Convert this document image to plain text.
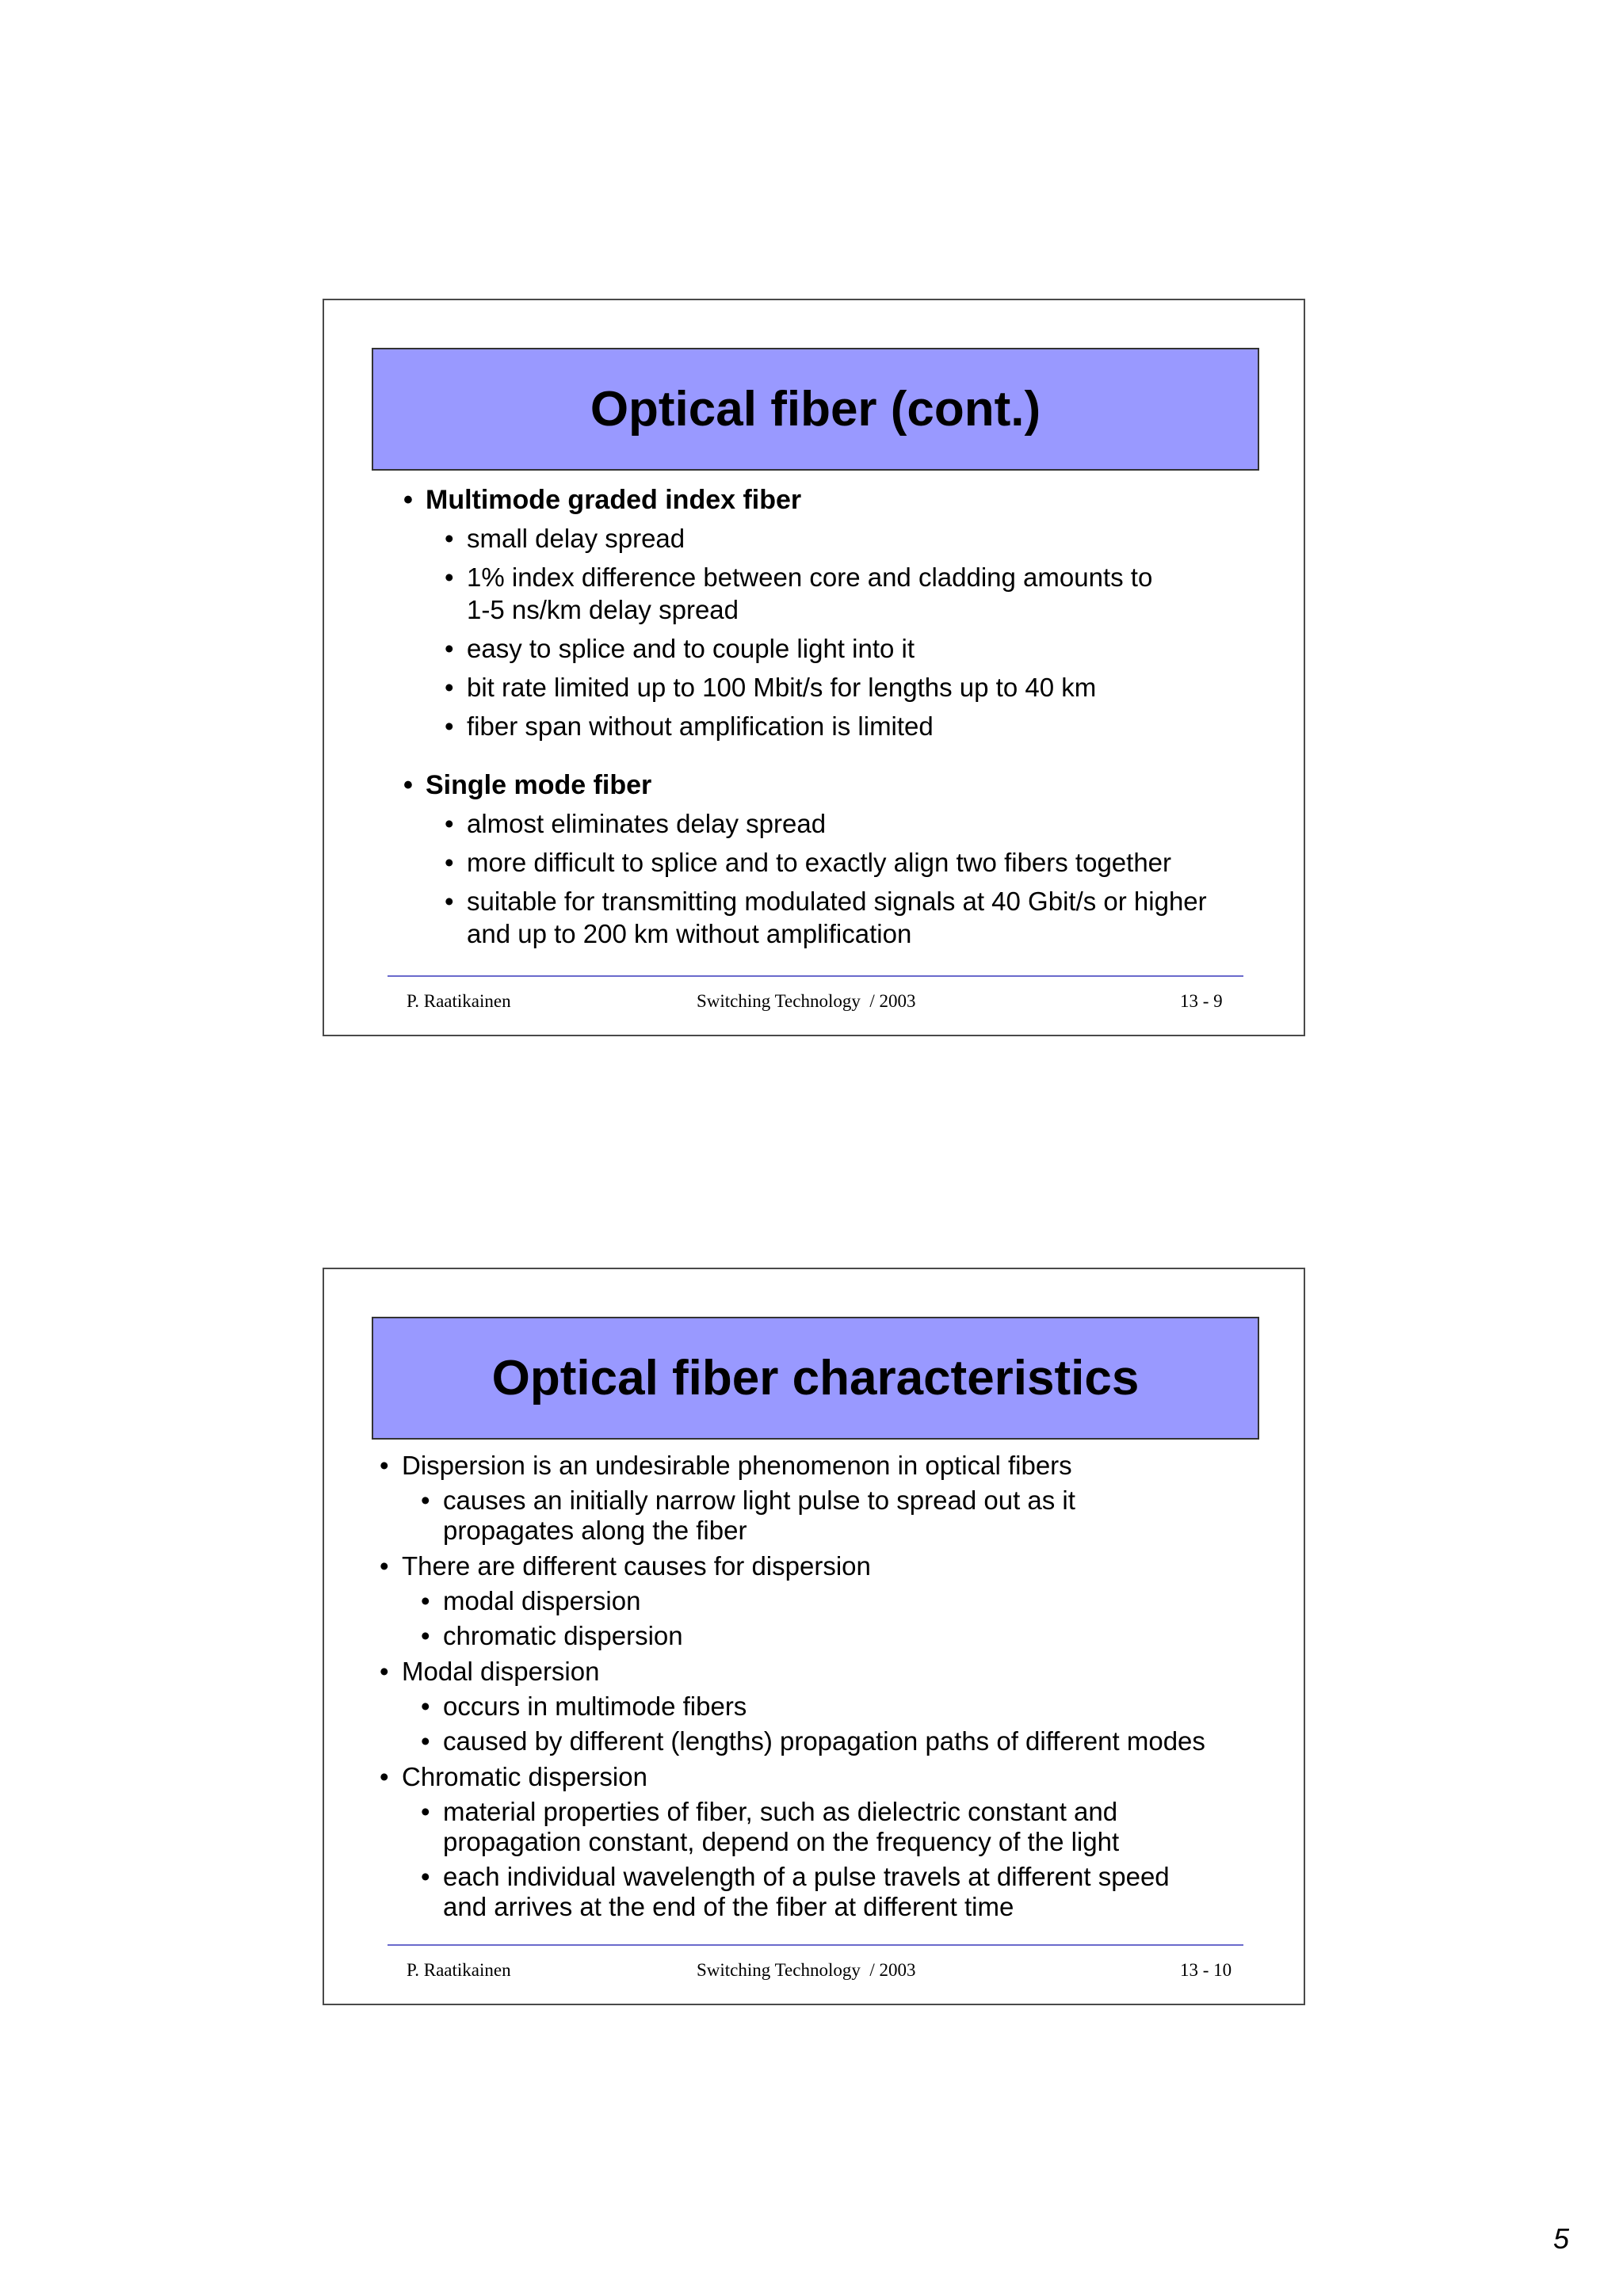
Optical fiber (cont.)
• Multimode graded index fiber
• small delay spread
• 1% index difference between core and cladding amounts to
1-5 ns/km delay spread
• easy to splice and to couple light into it
• bit rate limited up to 100 Mbit/s for lengths up to 40 km
• fiber span without amplification is limited
• Single mode fiber
• almost eliminates delay spread
• more difficult to splice and to exactly align two fibers together
• suitable for transmitting modulated signals at 40 Gbit/s or higher
and up to 200 km without amplification
P. Raatikainen	Switching Technology  / 2003	13 - 9
Optical fiber characteristics
• Dispersion is an undesirable phenomenon in optical fibers
• causes an initially narrow light pulse to spread out as it
propagates along the fiber
• There are different causes for dispersion
• modal dispersion
• chromatic dispersion
• Modal dispersion
• occurs in multimode fibers
• caused by different (lengths) propagation paths of different modes
• Chromatic dispersion
• material properties of fiber, such as dielectric constant and
propagation constant, depend on the frequency of the light
• each individual wavelength of a pulse travels at different speed
and arrives at the end of the fiber at different time
P. Raatikainen	Switching Technology  / 2003	13 - 10
5
